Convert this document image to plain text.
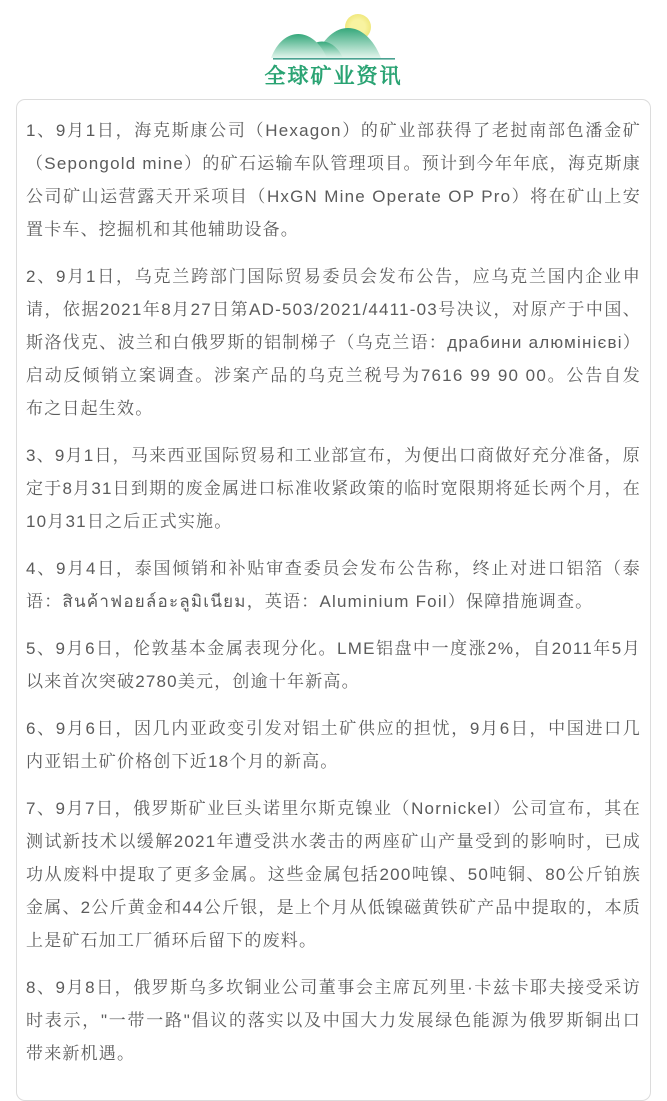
全球矿业资讯

1、9月1日，海克斯康公司（Hexagon）的矿业部获得了老挝南部色潘金矿（Sepongold mine）的矿石运输车队管理项目。预计到今年年底，海克斯康公司矿山运营露天开采项目（HxGN Mine Operate OP Pro）将在矿山上安置卡车、挖掘机和其他辅助设备。

2、9月1日，乌克兰跨部门国际贸易委员会发布公告，应乌克兰国内企业申请，依据2021年8月27日第AD-503/2021/4411-03号决议，对原产于中国、斯洛伐克、波兰和白俄罗斯的铝制梯子（乌克兰语：драбини алюмінієві）启动反倾销立案调查。涉案产品的乌克兰税号为7616 99 90 00。公告自发布之日起生效。

3、9月1日，马来西亚国际贸易和工业部宣布，为便出口商做好充分准备，原定于8月31日到期的废金属进口标准收紧政策的临时宽限期将延长两个月，在10月31日之后正式实施。

4、9月4日，泰国倾销和补贴审查委员会发布公告称，终止对进口铝箔（泰语：สินค้าฟอยล์อะลูมิเนียม，英语：Aluminium Foil）保障措施调查。

5、9月6日，伦敦基本金属表现分化。LME铝盘中一度涨2%，自2011年5月以来首次突破2780美元，创逾十年新高。

6、9月6日，因几内亚政变引发对铝土矿供应的担忧，9月6日，中国进口几内亚铝土矿价格创下近18个月的新高。

7、9月7日，俄罗斯矿业巨头诺里尔斯克镍业（Nornickel）公司宣布，其在测试新技术以缓解2021年遭受洪水袭击的两座矿山产量受到的影响时，已成功从废料中提取了更多金属。这些金属包括200吨镍、50吨铜、80公斤铂族金属、2公斤黄金和44公斤银，是上个月从低镍磁黄铁矿产品中提取的，本质上是矿石加工厂循环后留下的废料。

8、9月8日，俄罗斯乌多坎铜业公司董事会主席瓦列里·卡兹卡耶夫接受采访时表示，"一带一路"倡议的落实以及中国大力发展绿色能源为俄罗斯铜出口带来新机遇。
